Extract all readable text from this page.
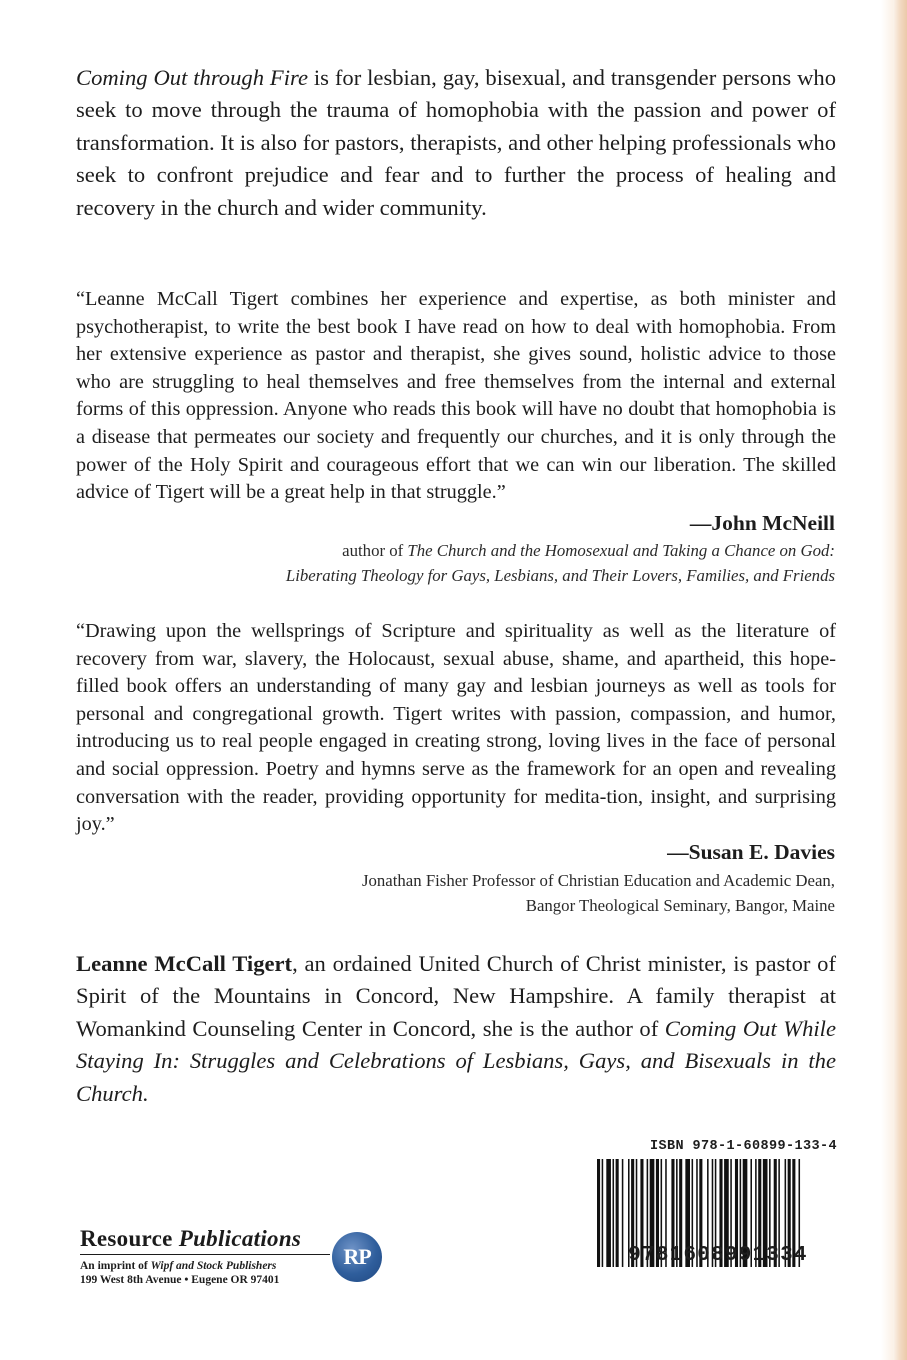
Coming Out through Fire is for lesbian, gay, bisexual, and transgender persons who seek to move through the trauma of homophobia with the passion and power of transformation. It is also for pastors, therapists, and other helping professionals who seek to confront prejudice and fear and to further the process of healing and recovery in the church and wider community.

“Leanne McCall Tigert combines her experience and expertise, as both minister and psychotherapist, to write the best book I have read on how to deal with homophobia. From her extensive experience as pastor and therapist, she gives sound, holistic advice to those who are struggling to heal themselves and free themselves from the internal and external forms of this oppression. Anyone who reads this book will have no doubt that homophobia is a disease that permeates our society and frequently our churches, and it is only through the power of the Holy Spirit and courageous effort that we can win our liberation. The skilled advice of Tigert will be a great help in that struggle.”

—John McNeill

author of The Church and the Homosexual and Taking a Chance on God:
Liberating Theology for Gays, Lesbians, and Their Lovers, Families, and Friends

“Drawing upon the wellsprings of Scripture and spirituality as well as the literature of recovery from war, slavery, the Holocaust, sexual abuse, shame, and apartheid, this hope-filled book offers an understanding of many gay and lesbian journeys as well as tools for personal and congregational growth. Tigert writes with passion, compassion, and humor, introducing us to real people engaged in creating strong, loving lives in the face of personal and social oppression. Poetry and hymns serve as the framework for an open and revealing conversation with the reader, providing opportunity for medita-tion, insight, and surprising joy.”

—Susan E. Davies

Jonathan Fisher Professor of Christian Education and Academic Dean,
Bangor Theological Seminary, Bangor, Maine

Leanne McCall Tigert, an ordained United Church of Christ minister, is pastor of Spirit of the Mountains in Concord, New Hampshire. A family therapist at Womankind Counseling Center in Concord, she is the author of Coming Out While Staying In: Struggles and Celebrations of Lesbians, Gays, and Bisexuals in the Church.

Resource Publications
An imprint of Wipf and Stock Publishers
199 West 8th Avenue • Eugene OR 97401
RP

ISBN 978-1-60899-133-4

9781608991334
